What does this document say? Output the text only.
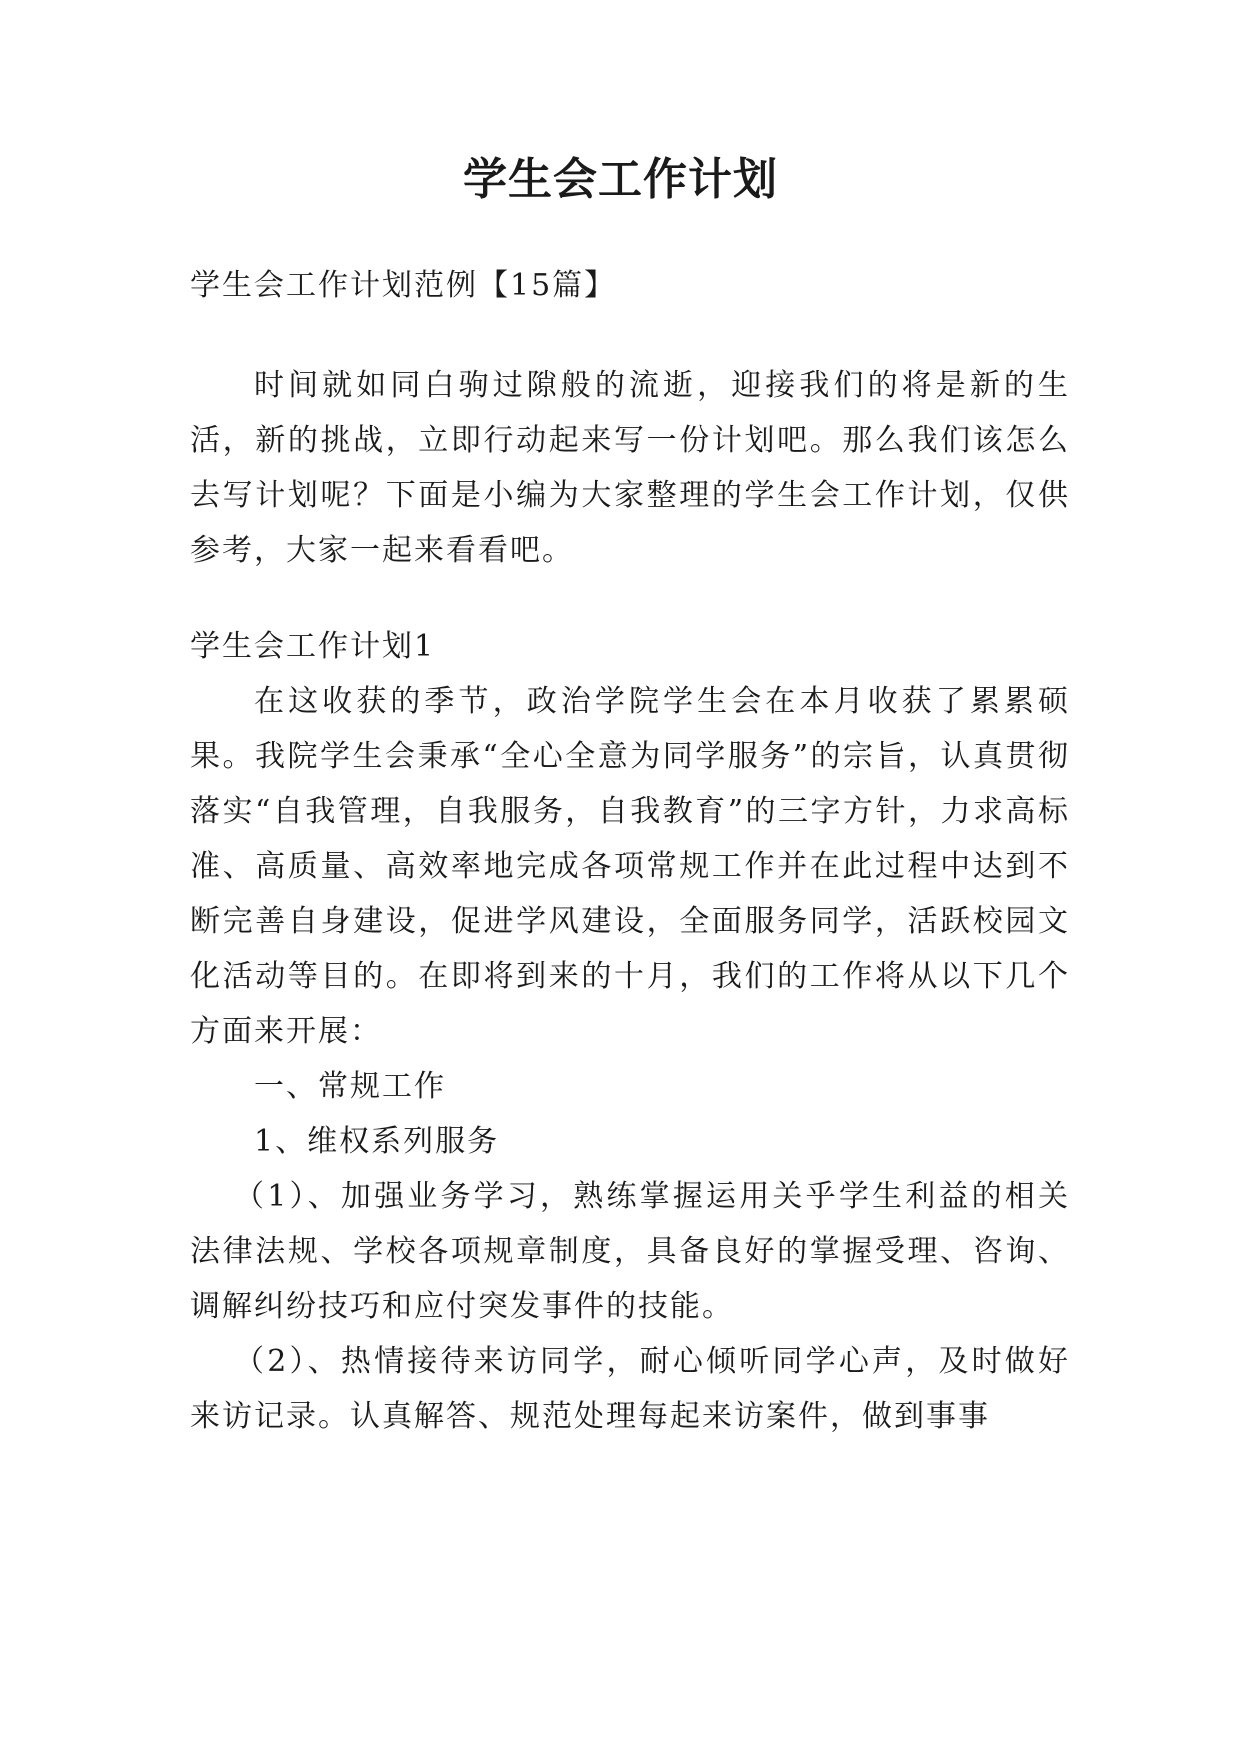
学生会工作计划

学生会工作计划范例【15篇】

时间就如同白驹过隙般的流逝，迎接我们的将是新的生活，新的挑战，立即行动起来写一份计划吧。那么我们该怎么去写计划呢？下面是小编为大家整理的学生会工作计划，仅供参考，大家一起来看看吧。

学生会工作计划1

在这收获的季节，政治学院学生会在本月收获了累累硕果。我院学生会秉承“全心全意为同学服务”的宗旨，认真贯彻落实“自我管理，自我服务，自我教育”的三字方针，力求高标准、高质量、高效率地完成各项常规工作并在此过程中达到不断完善自身建设，促进学风建设，全面服务同学，活跃校园文化活动等目的。在即将到来的十月，我们的工作将从以下几个方面来开展：

一、常规工作

1、维权系列服务

（1）、加强业务学习，熟练掌握运用关乎学生利益的相关法律法规、学校各项规章制度，具备良好的掌握受理、咨询、调解纠纷技巧和应付突发事件的技能。

（2）、热情接待来访同学，耐心倾听同学心声，及时做好来访记录。认真解答、规范处理每起来访案件，做到事事
